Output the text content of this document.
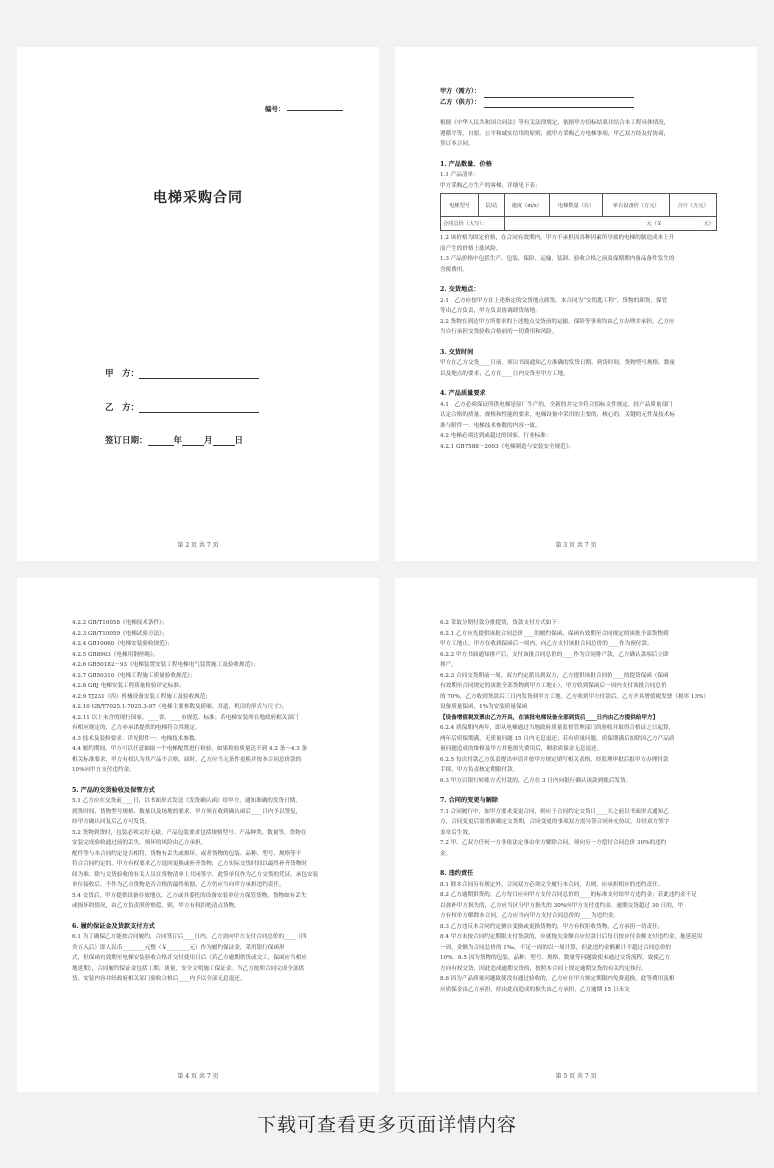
编号：
电梯采购合同
甲　方：
乙　方：
签订日期：	年	月	日
第 2 页 共 7 页

甲方（需方）：

乙方（供方）：

根据《中华人民共和国合同法》等有关法律规定，依据甲方招标结果并结合本工程具体情况，

遵循平等、自愿、公平和诚实信用的原则，就甲方采购乙方电梯事项，甲乙双方经友好协商，

签订本合同。

1. 产品数量、价格

1.1 产品清单：

甲方采购乙方生产的客梯，详细见下表：

电梯型号	层/站	速度（m/s）	电梯数量（台）	单台设备价（万元）	合计（万元）
合同总价（大写）：		元（￥　　　　　　　　元）			

1.2 该价格为固定价格，在合同有效期内，甲方不承担因各种因素所导致的电梯的制造成本上升

而产生的价格上涨风险。

1.3 产品价格中包括生产、包装、保险、运输、装卸、验收合格之前及保期期内备品备件发生的

含税费用。

2. 交货地点：

2.1　乙方应按甲方在上述指定的交货地点卸货，本合同为“交钥匙工程”，货物的卸货，保管

等由乙方负责，甲方负责协调卸货场地。

2.2 货物在到达甲方所要求的上述地点交货前的运输，保险等事项均由乙方办理并承担，乙方应

当自行承担交货验收合格前的一切费用和风险。

3. 交货时间

甲方在乙方交货____日前，须以书面通知乙方准确的发货日期、到货时间，货物型号规格、数量

以及地点的要求；乙方在____日内交货至甲方工地。

4. 产品质量要求

4.1　乙方必须保证所供电梯是原厂生产的，全新的并完全符合招标文件规定，经产品质量部门

认定合格的质量、规格和性能的要求，电梯设备中采用的主要的，核心的，关键的元件及技术标

准与附件一：电梯技术参数的内容一致。

4.2 电梯必须达到或超过的国家、行业标准：

4.2.1 GB7588－2003《电梯制造与安装安全规范》；

第 3 页 共 7 页

4.2.2 GB/T10058《电梯技术条件》；

4.2.3 GB/T10059《电梯试验方法》；

4.2.4 GB10060《电梯安装验收规范》；

4.2.5 GB8903《电梯用钢丝绳》；

4.2.6 GB50182－93《电梯装置安装工程电梯电气装置施工及验收规范》；

4.2.7 GB50310《电梯工程施工质量验收规范》；

4.2.8 GBJ 电梯安装工程质量检验评定标准；

4.2.9 TJ231（四）机械设备安装工程施工及验收规范；

4.2.10 GB/T7025.1-7025.3-97《电梯主要参数及轿厢、井道、机房的形式与尺寸》；

4.2.11 以上未含的现行国家、____省、____市规范、标准；若电梯安装所在地政府相关部门

有相应规定的，乙方亦承诺提供的电梯符合其规定。

4.3 技术及装修要求：详见附件一：电梯技术参数。

4.4 履约期间，甲方可以任意抽取一个电梯配置进行检验，如果检验质量达不到 4.2 条～4.3 条

相关标准要求，甲方有权认为其产品不合格，届时，乙方应当无条件更换并按本合同总价款的

10%向甲方支付违约金。

5. 产品的交货验收及保管方式

5.1 乙方应在交货前____日，以书面形式发送《发货确认函》给甲方，通知准确的发货日期、

到货时间、货物型号规格、数量以及场地的要求，甲方须在收到确认函后____日内予以签复，

经甲方确认回复后乙方可发货。

5.2 货物到货时，包装必须完好无缺，产品包装要求包括规格型号、产品种类、数量等，货物在

安装完成验收通过前的丢失、损坏的风险由乙方承担。

配件等与本合同约定是否相符，货物有丢失或损坏，或者货物的包装、品种、型号、规格等不

符合合同约定的，甲方有权要求乙方退回更换或补齐货物，乙方实际交货时间以最终补齐货物时

间为准。除与交货验收的有关人员在货物清单上共同签字，此签单仅作为乙方交货的凭证，承包安装

单位接收后，不作为乙方货物是否合格的最终依据，乙方仍应当向甲方承担违约责任。

5.4 交货后，甲方提供设备存放地点，乙方或其委托的设备安装单位方保管货物，货物如有丢失

或损坏的情况，由乙方负责照价赔偿，则，甲方有权拒绝清点货物。

6. 履约保证金及货款支付方式

6.1 为了确保乙方能按合同履约，合同签订后____日内，乙方需向甲方支付合同总价的____（四

舍五入后）即人民币________元整（￥________元）作为履约保证金，采用银行保函形

式，但保函有效期至电梯安装验收合格并交付使用日后（若乙方逾期供货或交工，保函应当相应

地延期），合同履约保证金包括工期、质量、安全文明施工保证金。当乙方按照合同完成全部供

货、安装内容并经政府相关部门验收合格后____内予以全部无息退还。

第 4 页 共 7 页

6.2 采取分期付款分批提货，货款支付方式如下：

6.2.1 乙方应先提供该批合同总价____的履约保函，保函有效期至合同规定的该批全部货物到

甲方工地止，甲方在收到保函后一周内，向乙方支付该批合同总价的____作为预付款。

6.2.2 甲方书面通知排产后，支付该批合同总价的____作为合同排产款，乙方确认款项后立即

排产。

6.2.3 合同交货期前一周，双方约定派员到双方，乙方提供该批合同价____的提货保函（保函

有效期至合同规定的该批全部货物到甲方工地止），甲方收到保函后一周内支付该批合同总价

的 70%，乙方收到货款后三日内发货到甲方工地。乙方收到甲方付款后，乙方开具增值税发票（税率 13%）

设备质量保函，1%为安装质量保函

【设备增值税发票由乙方开具，在该批电梯设备全部到货后____日内由乙方提供给甲方】

6.2.4 质保期内两年，即从电梯通过当地政府质量监督管理部门的验收并取得合格证之日起算，

两年后质保期满，无质量问题 15 日内无息退还；若有质量问题，质保期满后扣除因乙方产品质

量问题造成的维修及甲方其他损失费用后，剩余质保金无息退还。

6.2.5 每次付款乙方负责提出申请并按甲方规定填写相关表格，经监理审批后报甲方办理付款

手续，甲方负责核定期限付款。

6.3 甲方以银行转账方式付款的，乙方在 3 日内向银行确认该款到账后发货。

7. 合同的变更与解除

7.1 合同履行中，如甲方要求变更合同，则应于合同约定交货日____天之前以书面形式通知乙

方，合同变更后需重新确定交货期，合同变更的事项双方需另签合同补充协议，并经双方签字

盖章后生效。

7.2 甲、乙双方任何一方非依法定事由单方解除合同，须向另一方偿付合同总价 30%的违约

金。

8. 违约责任

8.1 除本合同另有规定外，合同双方必须完全履行本合同，否则，应承担相应的违约责任。

8.2 乙方逾期供货的，乙方每日应向甲方支付合同总价的____的标准支付给甲方违约金；若此违约金不足

以弥补甲方损失的，乙方应当区分甲方损失的 30%向甲方支付违约金，逾期交货超过 30 日的，甲

方有权单方解除本合同，乙方应当向甲方支付合同总价的____为违约金。

8.3 乙方违反本合同约定擅自变换或更换货物的，甲方有权拒收货物，乙方承担一切责任。

8.4 甲方未按合同约定期限支付货款的，应就拖欠金额自应付款日后每日按应付金额支付违约金，拖延延误

一周，金额为合同总价的 1‰，不足一周的以一周计算，但此违约金额累计不超过合同总价的

10%。8.5 因为货物的包装、品种、型号、规格、数量等问题致使未通过交货流程，致使乙方

方向有权交货，因此造成逾期交货的，按照本合同上规定逾期交货的有关约定执行。

8.6 因为产品质量问题致使没有通过验收的，乙方应在甲方规定期限内免费退换，此等费用及相

应质保金由乙方承担，经由此而造成的损失由乙方承担，乙方逾期 15 日未交

第 5 页 共 7 页
下载可查看更多页面详情内容
